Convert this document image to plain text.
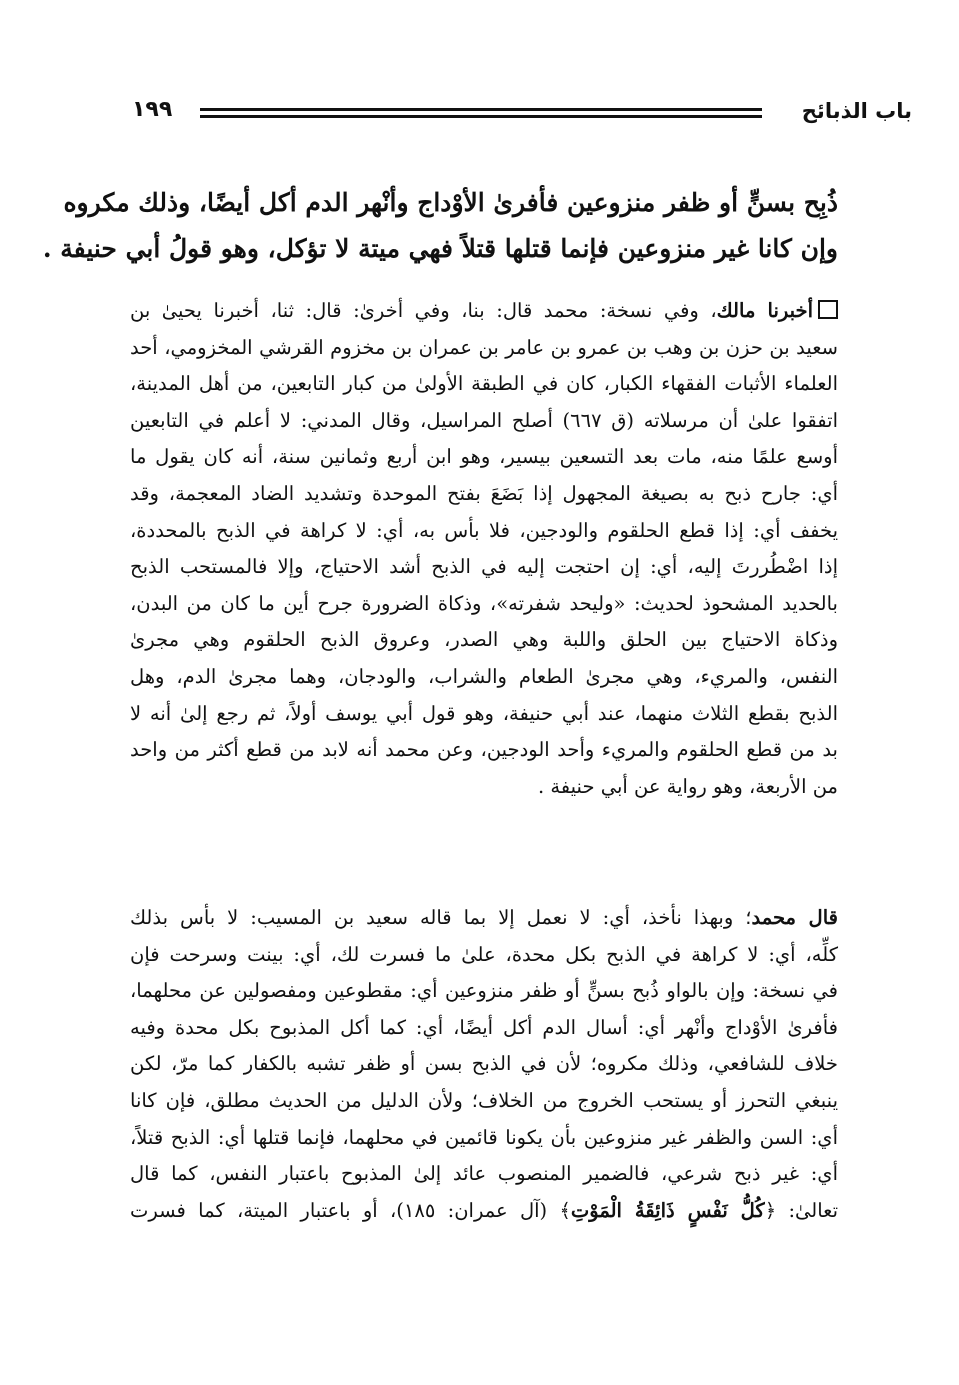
باب الذبائح
١٩٩
ذُبِح بسنٍّ أو ظفر منزوعين فأفرىٰ الأوْداج وأنْهر الدم أكل أيضًا، وذلك مكروه
وإن كانا غير منزوعين فإنما قتلها قتلاً فهي ميتة لا تؤكل، وهو قولُ أبي حنيفة .
أخبرنا مالك، وفي نسخة: محمد قال: بنا، وفي أخرىٰ: قال: ثنا، أخبرنا يحيىٰ بن
سعيد بن حزن بن وهب بن عمرو بن عامر بن عمران بن مخزوم القرشي المخزومي، أحد
العلماء الأثبات الفقهاء الكبار، كان في الطبقة الأولىٰ من كبار التابعين، من أهل المدينة،
اتفقوا علىٰ أن مرسلاته (ق ٦٦٧) أصلح المراسيل، وقال المدني: لا أعلم في التابعين
أوسع علمًا منه، مات بعد التسعين بيسير، وهو ابن أربع وثمانين سنة، أنه كان يقول ما
أي: جارح ذبح به بصيغة المجهول إذا بَضَعَ بفتح الموحدة وتشديد الضاد المعجمة، وقد
يخفف أي: إذا قطع الحلقوم والودجين، فلا بأس به، أي: لا كراهة في الذبح بالمحددة،
إذا اضْطُررتَ إليه، أي: إن احتجت إليه في الذبح أشد الاحتياج، وإلا فالمستحب الذبح
بالحديد المشحوذ لحديث: «وليحد شفرته»، وذكاة الضرورة جرح أين ما كان من البدن،
وذكاة الاحتياج بين الحلق واللبة وهي الصدر، وعروق الذبح الحلقوم وهي مجرىٰ
النفس، والمريء، وهي مجرىٰ الطعام والشراب، والودجان، وهما مجرىٰ الدم، وهل
الذبح بقطع الثلاث منهما، عند أبي حنيفة، وهو قول أبي يوسف أولاً، ثم رجع إلىٰ أنه لا
بد من قطع الحلقوم والمريء وأحد الودجين، وعن محمد أنه لابد من قطع أكثر من واحد
من الأربعة، وهو رواية عن أبي حنيفة .
قال محمد؛ وبهذا نأخذ، أي: لا نعمل إلا بما قاله سعيد بن المسيب: لا بأس بذلك
كلِّه، أي: لا كراهة في الذبح بكل محدة، علىٰ ما فسرت لك، أي: بينت وسرحت فإن
في نسخة: وإن بالواو ذُبح بسنٍّ أو ظفر منزوعين أي: مقطوعين ومفصولين عن محلهما،
فأفرىٰ الأوْداج وأنْهر أي: أسال الدم أكل أيضًا، أي: كما أكل المذبوح بكل محدة وفيه
خلاف للشافعي، وذلك مكروه؛ لأن في الذبح بسن أو ظفر تشبه بالكفار كما مرّ، لكن
ينبغي التحرز أو يستحب الخروج من الخلاف؛ ولأن الدليل من الحديث مطلق، فإن كانا
أي: السن والظفر غير منزوعين بأن يكونا قائمين في محلهما، فإنما قتلها أي: الذبح قتلاً،
أي: غير ذبح شرعي، فالضمير المنصوب عائد إلىٰ المذبوح باعتبار النفس، كما قال
تعالىٰ: ﴿كُلُّ نَفْسٍ ذَائِقَةُ الْمَوْتِ﴾ (آل عمران: ١٨٥)، أو باعتبار الميتة، كما فسرت
